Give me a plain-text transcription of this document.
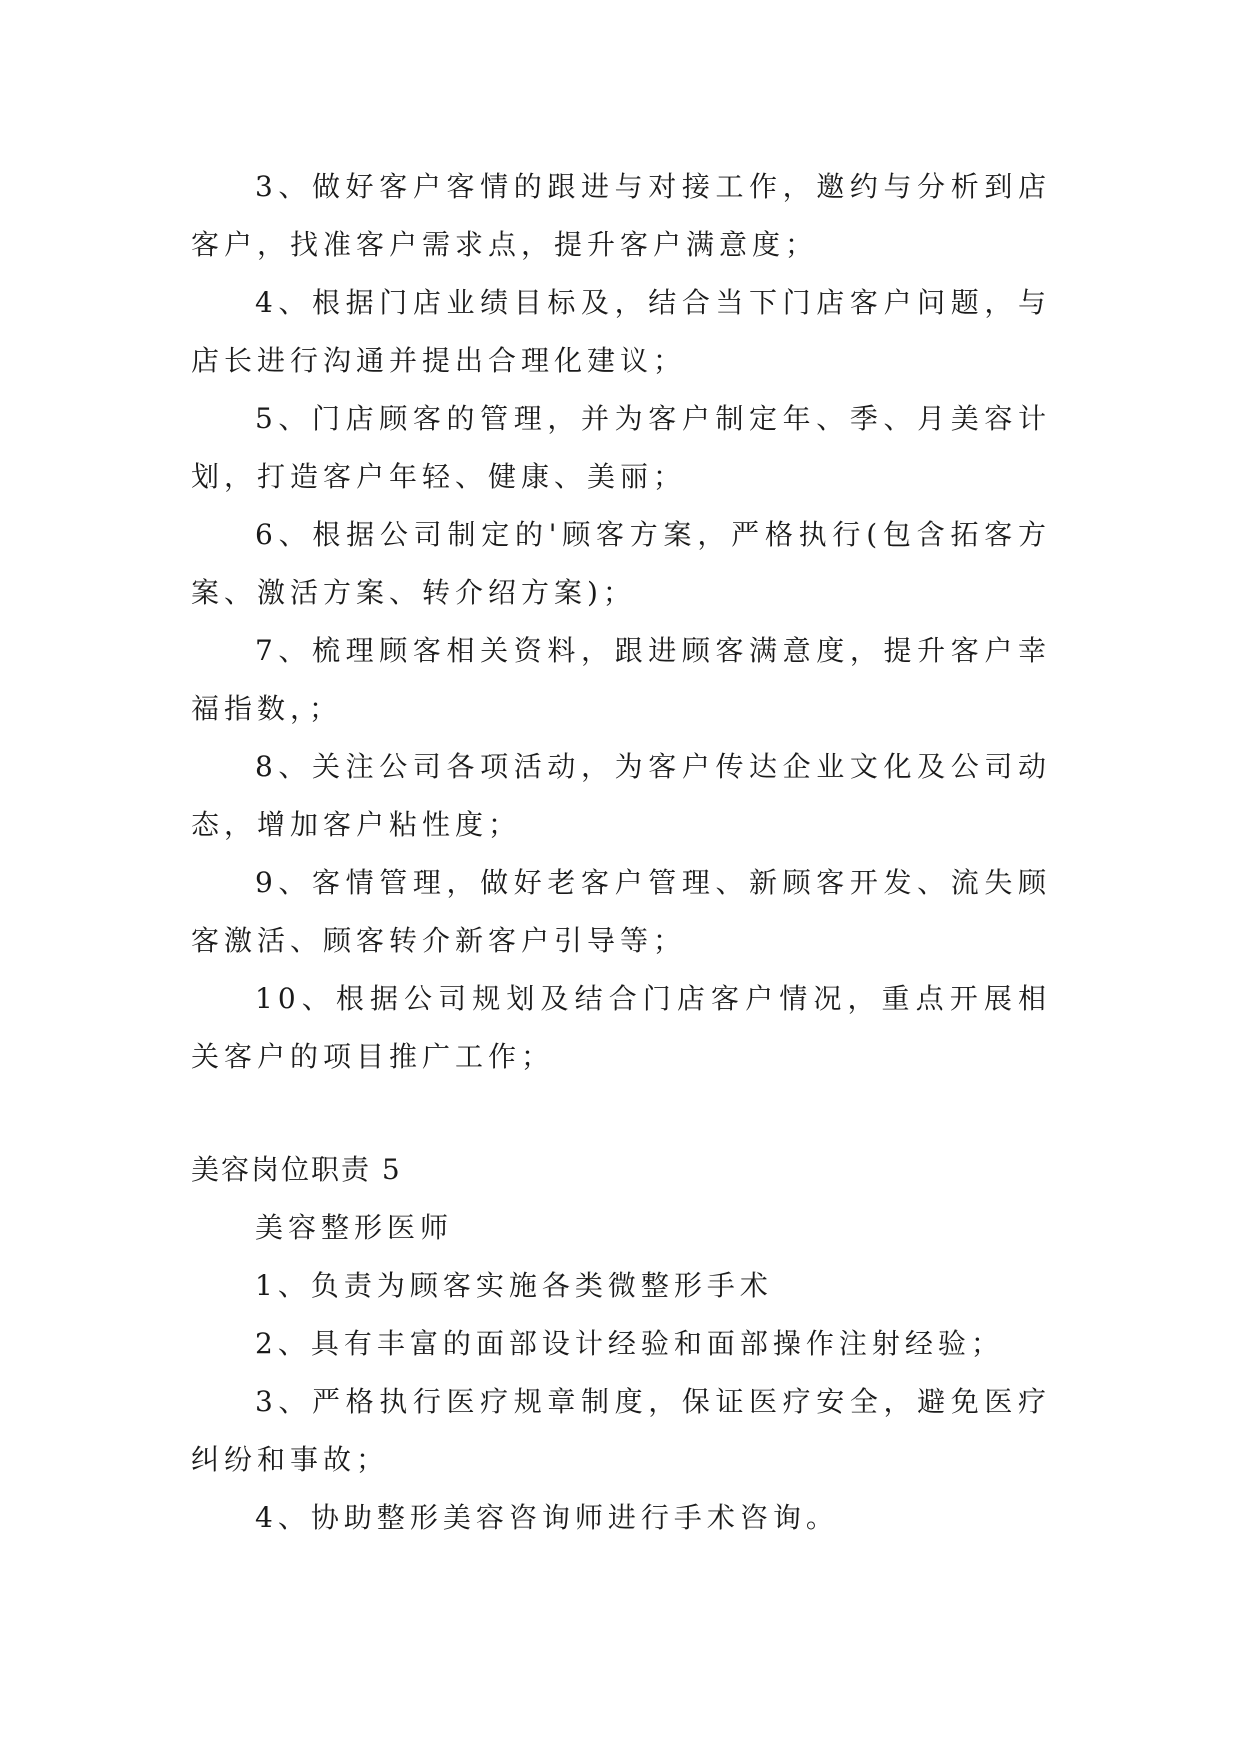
3、做好客户客情的跟进与对接工作，邀约与分析到店客户，找准客户需求点，提升客户满意度；

4、根据门店业绩目标及，结合当下门店客户问题，与店长进行沟通并提出合理化建议；

5、门店顾客的管理，并为客户制定年、季、月美容计划，打造客户年轻、健康、美丽；

6、根据公司制定的'顾客方案，严格执行(包含拓客方案、激活方案、转介绍方案)；

7、梳理顾客相关资料，跟进顾客满意度，提升客户幸福指数，；

8、关注公司各项活动，为客户传达企业文化及公司动态，增加客户粘性度；

9、客情管理，做好老客户管理、新顾客开发、流失顾客激活、顾客转介新客户引导等；

10、根据公司规划及结合门店客户情况，重点开展相关客户的项目推广工作；

美容岗位职责 5

美容整形医师

1、负责为顾客实施各类微整形手术

2、具有丰富的面部设计经验和面部操作注射经验；

3、严格执行医疗规章制度，保证医疗安全，避免医疗纠纷和事故；

4、协助整形美容咨询师进行手术咨询。
